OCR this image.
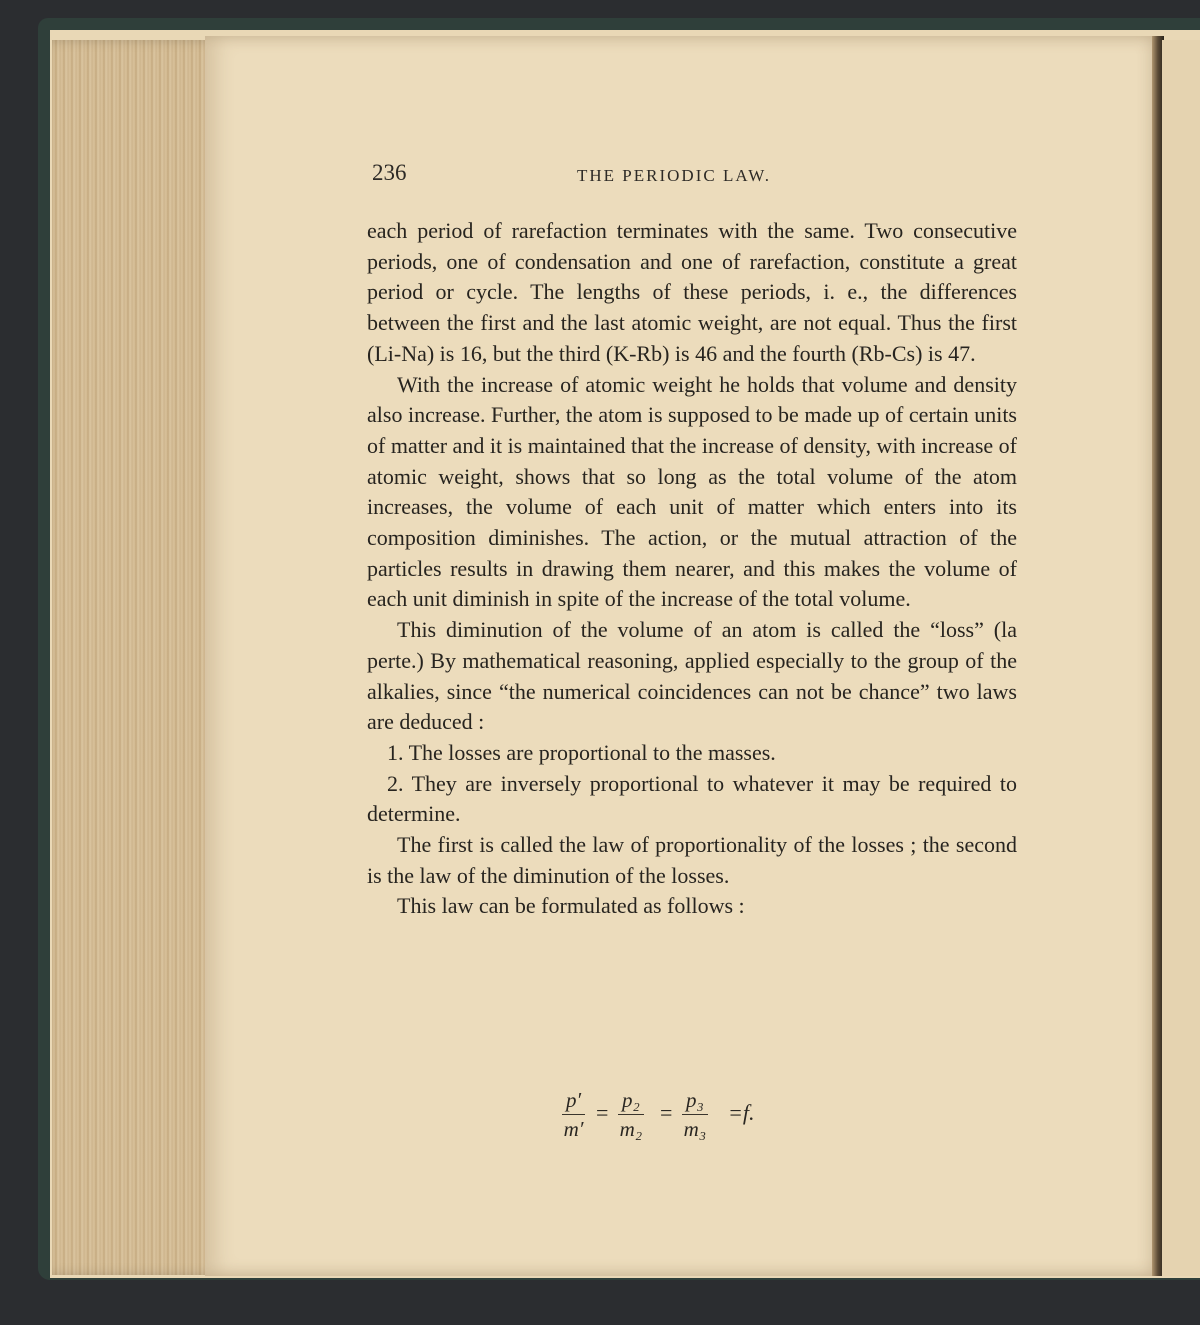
236	THE PERIODIC LAW.

each period of rarefaction terminates with the same. Two consecutive periods, one of condensation and one of rarefaction, constitute a great period or cycle. The lengths of these periods, i. e., the differences between the first and the last atomic weight, are not equal. Thus the first (Li-Na) is 16, but the third (K-Rb) is 46 and the fourth (Rb-Cs) is 47.

With the increase of atomic weight he holds that volume and density also increase. Further, the atom is supposed to be made up of certain units of matter and it is maintained that the increase of density, with increase of atomic weight, shows that so long as the total volume of the atom increases, the volume of each unit of matter which enters into its composition diminishes. The action, or the mutual attraction of the particles results in drawing them nearer, and this makes the volume of each unit diminish in spite of the increase of the total volume.

This diminution of the volume of an atom is called the “loss” (la perte.) By mathematical reasoning, applied especially to the group of the alkalies, since “the numerical coincidences can not be chance” two laws are deduced :

1. The losses are proportional to the masses.

2. They are inversely proportional to whatever it may be required to determine.

The first is called the law of proportionality of the losses ; the second is the law of the diminution of the losses.

This law can be formulated as follows :

$\frac{p'}{m'} = \frac{\text{p₂}}{\text{m₂}} = \frac{\text{p₃}}{\text{m₃}} =f$.
